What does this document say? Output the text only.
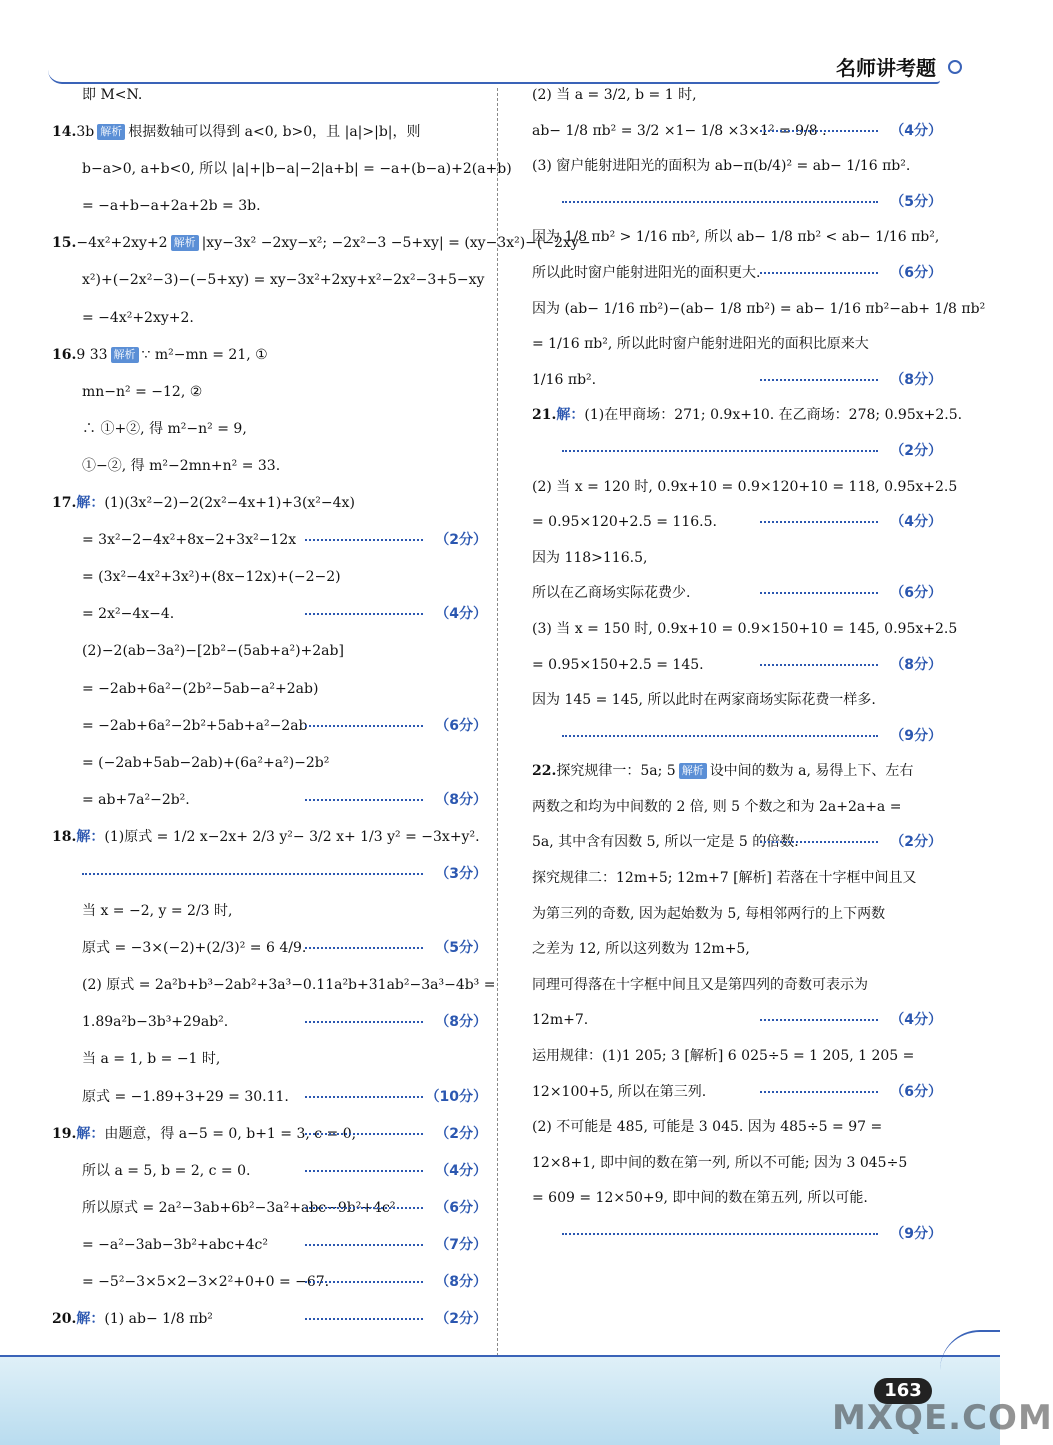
名师讲考题
即 M<N.
14.3b 解析 根据数轴可以得到 a<0, b>0，且 |a|>|b|，则
b−a>0, a+b<0, 所以 |a|+|b−a|−2|a+b| = −a+(b−a)+2(a+b)
= −a+b−a+2a+2b = 3b.
15.−4x²+2xy+2 解析 |xy−3x² −2xy−x²; −2x²−3 −5+xy| = (xy−3x²)−(−2xy−
x²)+(−2x²−3)−(−5+xy) = xy−3x²+2xy+x²−2x²−3+5−xy
= −4x²+2xy+2.
16.9 33 解析 ∵ m²−mn = 21, ①
mn−n² = −12, ②
∴ ①+②, 得 m²−n² = 9,
①−②, 得 m²−2mn+n² = 33.
17.解：(1)(3x²−2)−2(2x²−4x+1)+3(x²−4x)
= 3x²−2−4x²+8x−2+3x²−12x	（2分）
= (3x²−4x²+3x²)+(8x−12x)+(−2−2)
= 2x²−4x−4.	（4分）
(2)−2(ab−3a²)−[2b²−(5ab+a²)+2ab]
= −2ab+6a²−(2b²−5ab−a²+2ab)
= −2ab+6a²−2b²+5ab+a²−2ab	（6分）
= (−2ab+5ab−2ab)+(6a²+a²)−2b²
= ab+7a²−2b².	（8分）
18.解：(1)原式 = 1/2 x−2x+ 2/3 y²− 3/2 x+ 1/3 y² = −3x+y².
（3分）
当 x = −2, y = 2/3 时,
原式 = −3×(−2)+(2/3)² = 6 4/9.	（5分）
(2) 原式 = 2a²b+b³−2ab²+3a³−0.11a²b+31ab²−3a³−4b³ =
1.89a²b−3b³+29ab².	（8分）
当 a = 1, b = −1 时,
原式 = −1.89+3+29 = 30.11.	（10分）
19.解：由题意，得 a−5 = 0, b+1 = 3, c = 0,	（2分）
所以 a = 5, b = 2, c = 0.	（4分）
所以原式 = 2a²−3ab+6b²−3a²+abc−9b²+4c²	（6分）
= −a²−3ab−3b²+abc+4c²	（7分）
= −5²−3×5×2−3×2²+0+0 = −67.	（8分）
20.解：(1) ab− 1/8 πb²	（2分）
(2) 当 a = 3/2, b = 1 时,
ab− 1/8 πb² = 3/2 ×1− 1/8 ×3×1² = 9/8 .	（4分）
(3) 窗户能射进阳光的面积为 ab−π(b/4)² = ab− 1/16 πb².
（5分）
因为 1/8 πb² > 1/16 πb², 所以 ab− 1/8 πb² < ab− 1/16 πb²,
所以此时窗户能射进阳光的面积更大.	（6分）
因为 (ab− 1/16 πb²)−(ab− 1/8 πb²) = ab− 1/16 πb²−ab+ 1/8 πb²
= 1/16 πb², 所以此时窗户能射进阳光的面积比原来大
1/16 πb².	（8分）
21.解：(1)在甲商场：271; 0.9x+10. 在乙商场：278; 0.95x+2.5.
（2分）
(2) 当 x = 120 时, 0.9x+10 = 0.9×120+10 = 118, 0.95x+2.5
= 0.95×120+2.5 = 116.5.	（4分）
因为 118>116.5,
所以在乙商场实际花费少.	（6分）
(3) 当 x = 150 时, 0.9x+10 = 0.9×150+10 = 145, 0.95x+2.5
= 0.95×150+2.5 = 145.	（8分）
因为 145 = 145, 所以此时在两家商场实际花费一样多.
（9分）
22.探究规律一：5a; 5 解析 设中间的数为 a, 易得上下、左右
两数之和均为中间数的 2 倍, 则 5 个数之和为 2a+2a+a =
5a, 其中含有因数 5, 所以一定是 5 的倍数.	（2分）
探究规律二：12m+5; 12m+7 [解析] 若落在十字框中间且又
为第三列的奇数, 因为起始数为 5, 每相邻两行的上下两数
之差为 12, 所以这列数为 12m+5,
同理可得落在十字框中间且又是第四列的奇数可表示为
12m+7.	（4分）
运用规律：(1)1 205; 3 [解析] 6 025÷5 = 1 205, 1 205 =
12×100+5, 所以在第三列.	（6分）
(2) 不可能是 485, 可能是 3 045. 因为 485÷5 = 97 =
12×8+1, 即中间的数在第一列, 所以不可能; 因为 3 045÷5
= 609 = 12×50+9, 即中间的数在第五列, 所以可能.
（9分）
163
MXQE.COM
